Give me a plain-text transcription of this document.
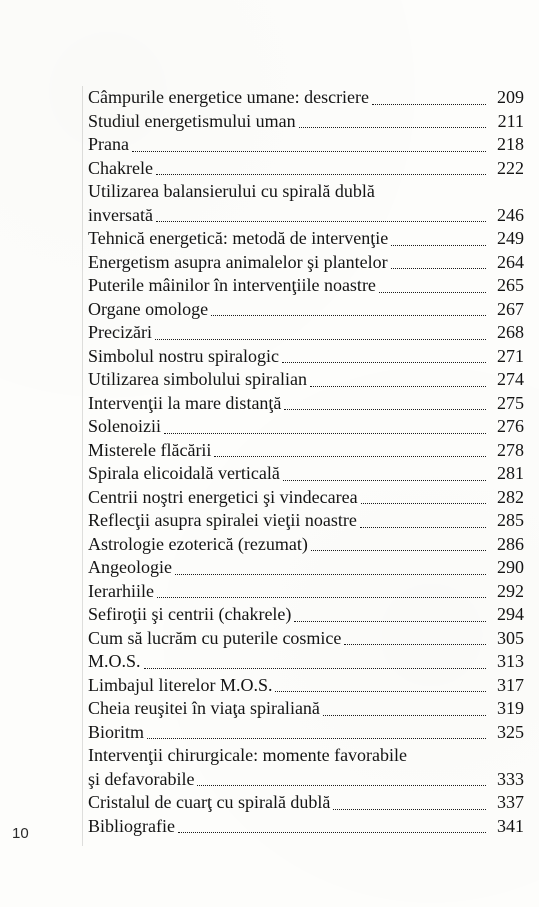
Câmpurile energetice umane: descriere	209
Studiul energetismului uman	211
Prana	218
Chakrele	222
Utilizarea balansierului cu spirală dublă
inversată	246
Tehnică energetică: metodă de intervenţie	249
Energetism asupra animalelor şi plantelor	264
Puterile mâinilor în intervenţiile noastre	265
Organe omologe	267
Precizări	268
Simbolul nostru spiralogic	271
Utilizarea simbolului spiralian	274
Intervenţii la mare distanţă	275
Solenoizii	276
Misterele flăcării	278
Spirala elicoidală verticală	281
Centrii noştri energetici şi vindecarea	282
Reflecţii asupra spiralei vieţii noastre	285
Astrologie ezoterică (rezumat)	286
Angeologie	290
Ierarhiile	292
Sefiroţii şi centrii (chakrele)	294
Cum să lucrăm cu puterile cosmice	305
M.O.S.	313
Limbajul literelor M.O.S.	317
Cheia reuşitei în viaţa spiraliană	319
Bioritm	325
Intervenţii chirurgicale: momente favorabile
şi defavorabile	333
Cristalul de cuarţ cu spirală dublă	337
Bibliografie	341
10
